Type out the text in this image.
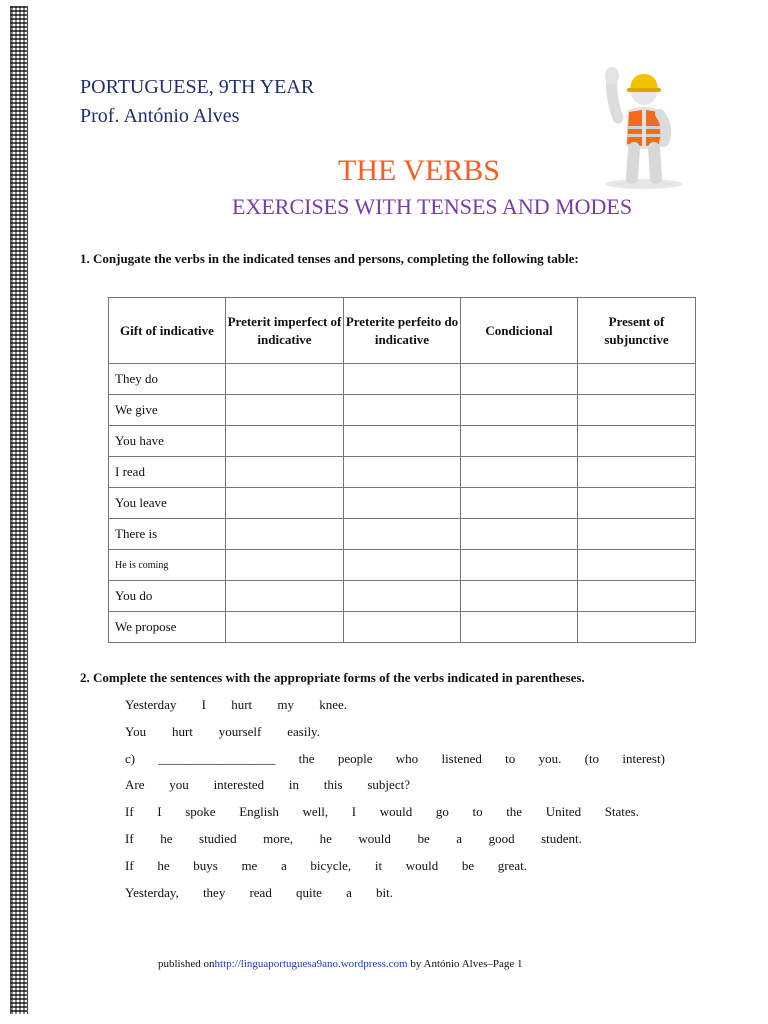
PORTUGUESE, 9TH YEAR
Prof. António Alves
THE VERBS
EXERCISES WITH TENSES AND MODES
1. Conjugate the verbs in the indicated tenses and persons, completing the following table:
Gift of indicative	Preterit imperfect of indicative	Preterite perfeito do indicative	Condicional	Present of subjunctive
They do				
We give				
You have				
I read				
You leave				
There is				
He is coming				
You do				
We propose				
2. Complete the sentences with the appropriate forms of the verbs indicated in parentheses.
Yesterday I hurt my knee.
You hurt yourself easily.
c) __________________ the people who listened to you. (to interest)
Are you interested in this subject?
If I spoke English well, I would go to the United States.
If he studied more, he would be a good student.
If he buys me a bicycle, it would be great.
Yesterday, they read quite a bit.
published onhttp://linguaportuguesa9ano.wordpress.com by António Alves–Page 1
